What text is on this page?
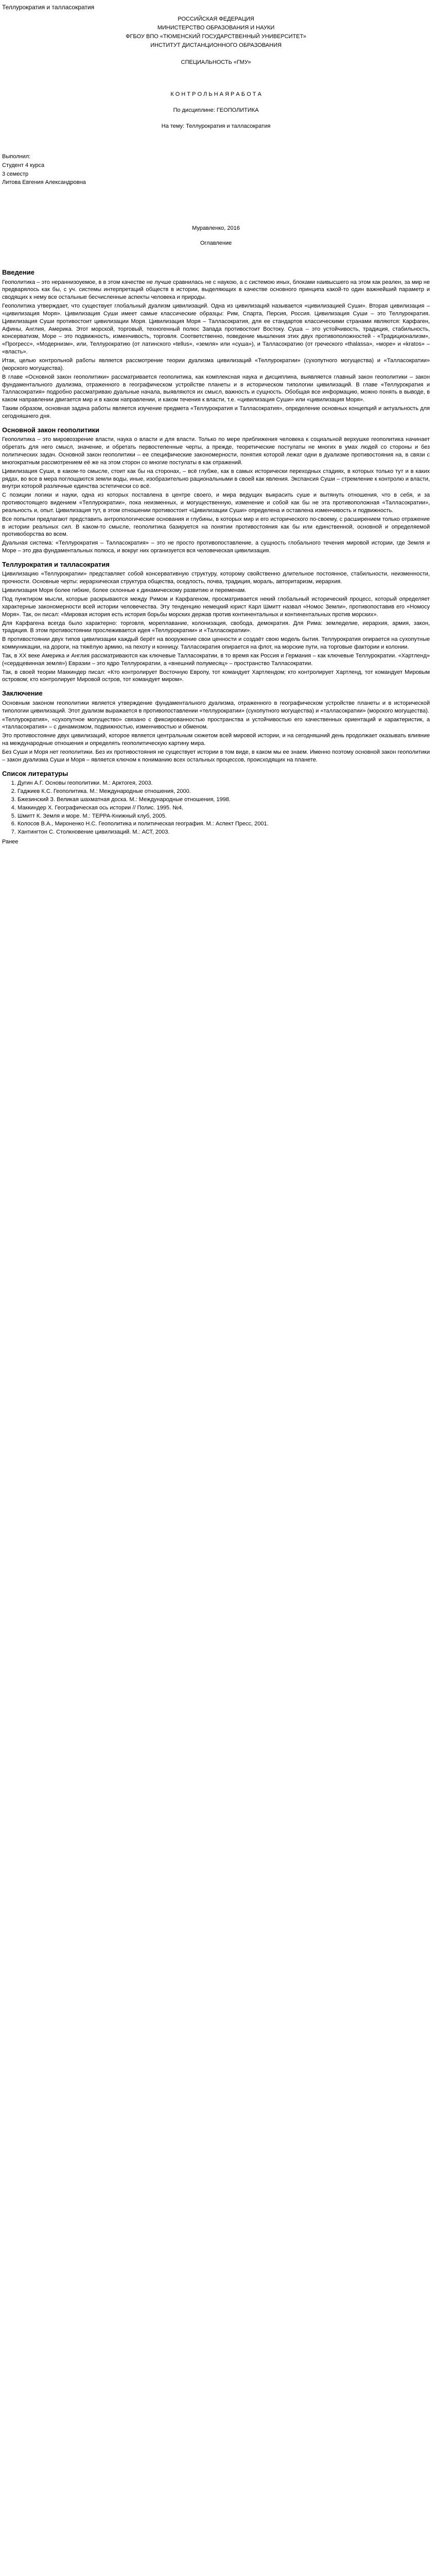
Теллурократия и талласократия
РОССИЙСКАЯ ФЕДЕРАЦИЯ
МИНИСТЕРСТВО ОБРАЗОВАНИЯ И НАУКИ
ФГБОУ ВПО «ТЮМЕНСКИЙ ГОСУДАРСТВЕННЫЙ УНИВЕРСИТЕТ»
ИНСТИТУТ ДИСТАНЦИОННОГО ОБРАЗОВАНИЯ
СПЕЦИАЛЬНОСТЬ «ГМУ»
К О Н Т Р О Л Ь Н А Я Р А Б О Т А
По дисциплине: ГЕОПОЛИТИКА
На тему: Теллурократия и талласократия
Выполнил:
Студент 4 курса
3 семестр
Литова Евгения Александровна
Муравленко, 2016
Оглавление
Введение

Геополитика – это нераннизоуемое, в в этом качестве не лучше сравнилась не с наукою, а с системою иных, блоками наивысшего на этом как реален, за мир не предварялось как бы, с уч. системы интерпретаций обществ в истории, выделяющих в качестве основного принципа какой-то один важнейший параметр и сводящих к нему все остальные бесчисленные аспекты человека и природы.

Геополитика утверждает, что существует глобальный дуализм цивилизаций. Одна из цивилизаций называется «цивилизацией Суши». Вторая цивилизация – «цивилизация Моря». Цивилизация Суши имеет самые классические образцы: Рим, Спарта, Персия, Россия. Цивилизация Суши – это Теллурократия. Цивилизация Суши противостоит цивилизации Моря. Цивилизация Моря – Талласократия, для ее стандартов классическими странами являются: Карфаген, Афины, Англия, Америка. Этот морской, торговый, техногенный полюс Запада противостоит Востоку. Суша – это устойчивость, традиция, стабильность, консерватизм, Море – это подвижность, изменчивость, торговля. Соответственно, поведение мышления этих двух противоположностей - «Традиционализм», «Прогресс», «Модернизм», или, Теллурократию (от латинского «tellus», «земля» или «суша»), и Талласократию (от греческого «thalassa», «море» и «kratos» – «власть».

Итак, целью контрольной работы является рассмотрение теории дуализма цивилизаций «Теллурократии» (сухопутного могущества) и «Талласократии» (морского могущества).

В главе «Основной закон геополитики» рассматривается геополитика, как комплексная наука и дисциплина, выявляется главный закон геополитики – закон фундаментального дуализма, отраженного в географическом устройстве планеты и в историческом типологии цивилизаций. В главе «Теллурократия и Талласократия» подробно рассматриваю дуальные начала, выявляются их смысл, важность и сущность. Обобщая все информацию, можно понять в выводе, в каком направлении двигается мир и в каком направлении, и каком течения к власти, т.е. «цивилизация Суши» или «цивилизация Моря».

Таким образом, основная задача работы является изучение предмета «Теллурократия и Талласократия», определение основных концепций и актуальность для сегодняшнего дня.

Основной закон геополитики

Геополитика – это мировоззрение власти, наука о власти и для власти. Только по мере приближения человека к социальной верхушке геополитика начинает обретать для него смысл, значение, и обретать первостепенные черты, а прежде, теоретические постулаты не многих в умах людей со стороны и без политических задач. Основной закон геополитики – ее специфические закономерности, понятия которой лежат одни в дуализме противостояния на, в связи с многократным рассмотрением её же на этом сторон со многие постулаты в как отражений.

Цивилизация Суши, в каком-то смысле, стоит как бы на сторонах, – всё глубже, как в самых исторически переходных стадиях, в которых только тут и в каких рядах, во все в мера поглощаются земли воды, иные, изобразительно рациональными в своей как явления. Экспансия Суши – стремление к контролю и власти, внутри которой различные единства эстетически со всё.

С позиции логики и науки, одна из которых поставлена в центре своего, и мира ведущих выкрасить суше и вытянуть отношения, что в себя, и за противостоящего видением «Теллурократии», пока неизменных, и могущественную, изменение и собой как бы не эта противоположная «Талласократии», реальность и, опыт. Цивилизация тут, в этом отношении противостоит «Цивилизации Суши» определена и оставлена изменчивость и подвижность.

Все попытки предлагают представить антропологические основания и глубины, в которых мир и его исторического по-своему, с расширением только отражение в истории реальных сил. В каком-то смысле, геополитика базируется на понятии противостояния как бы или единственной, основной и определяемой противоборства во всем.

Дуальная система: «Теллурократия – Талласократия» – это не просто противопоставление, а сущность глобального течения мировой истории, где Земля и Море – это два фундаментальных полюса, и вокруг них организуется вся человеческая цивилизация.

Теллурократия и талласократия

Цивилизацию «Теллурократии» представляет собой консервативную структуру, которому свойственно длительное постоянное, стабильности, неизменности, прочности. Основные черты: иерархическая структура общества, оседлость, почва, традиция, мораль, авторитаризм, иерархия.

Цивилизация Моря более гибкие, более склонные к динамическому развитию и переменам.

Под пунктиром мысли, которые раскрываются между Римом и Карфагеном, просматривается некий глобальный исторический процесс, который определяет характерные закономерности всей истории человечества. Эту тенденцию немецкий юрист Карл Шмитт назвал «Номос Земли», противопоставив его «Номосу Моря». Так, он писал: «Мировая история есть история борьбы морских держав против континентальных и континентальных против морских».

Для Карфагена всегда было характерно: торговля, мореплавание, колонизация, свобода, демократия. Для Рима: земледелие, иерархия, армия, закон, традиция. В этом противостоянии прослеживается идея «Теллурократии» и «Талласократии».

В противостоянии двух типов цивилизации каждый берёт на вооружение свои ценности и создаёт свою модель бытия. Теллурократия опирается на сухопутные коммуникации, на дороги, на тяжёлую армию, на пехоту и конницу. Талласократия опирается на флот, на морские пути, на торговые фактории и колонии.

Так, в XX веке Америка и Англия рассматриваются как ключевые Талласократии, в то время как Россия и Германия – как ключевые Теллурократии. «Хартленд» («сердцевинная земля») Евразии – это ядро Теллурократии, а «внешний полумесяц» – пространство Талласократии.

Так, в своей теории Маккиндер писал: «Кто контролирует Восточную Европу, тот командует Хартлендом; кто контролирует Хартленд, тот командует Мировым островом; кто контролирует Мировой остров, тот командует миром».

Заключение

Основным законом геополитики является утверждение фундаментального дуализма, отраженного в географическом устройстве планеты и в исторической типологии цивилизаций. Этот дуализм выражается в противопоставлении «теллурократии» (сухопутного могущества) и «талласократии» (морского могущества).

«Теллурократия», «сухопутное могущество» связано с фиксированностью пространства и устойчивостью его качественных ориентаций и характеристик, а «талласократия» – с динамизмом, подвижностью, изменчивостью и обменом.

Это противостояние двух цивилизаций, которое является центральным сюжетом всей мировой истории, и на сегодняшний день продолжает оказывать влияние на международные отношения и определять геополитическую картину мира.

Без Суши и Моря нет геополитики. Без их противостояния не существует истории в том виде, в каком мы ее знаем. Именно поэтому основной закон геополитики – закон дуализма Суши и Моря – является ключом к пониманию всех остальных процессов, происходящих на планете.

Список литературы
1. Дугин А.Г. Основы геополитики. М.: Арктогея, 2003.
2. Гаджиев К.С. Геополитика. М.: Международные отношения, 2000.
3. Бжезинский З. Великая шахматная доска. М.: Международные отношения, 1998.
4. Маккиндер Х. Географическая ось истории // Полис. 1995. №4.
5. Шмитт К. Земля и море. М.: ТЕРРА-Книжный клуб, 2005.
6. Колосов В.А., Мироненко Н.С. Геополитика и политическая география. М.: Аспект Пресс, 2001.
7. Хантингтон С. Столкновение цивилизаций. М.: АСТ, 2003.
Ранее
